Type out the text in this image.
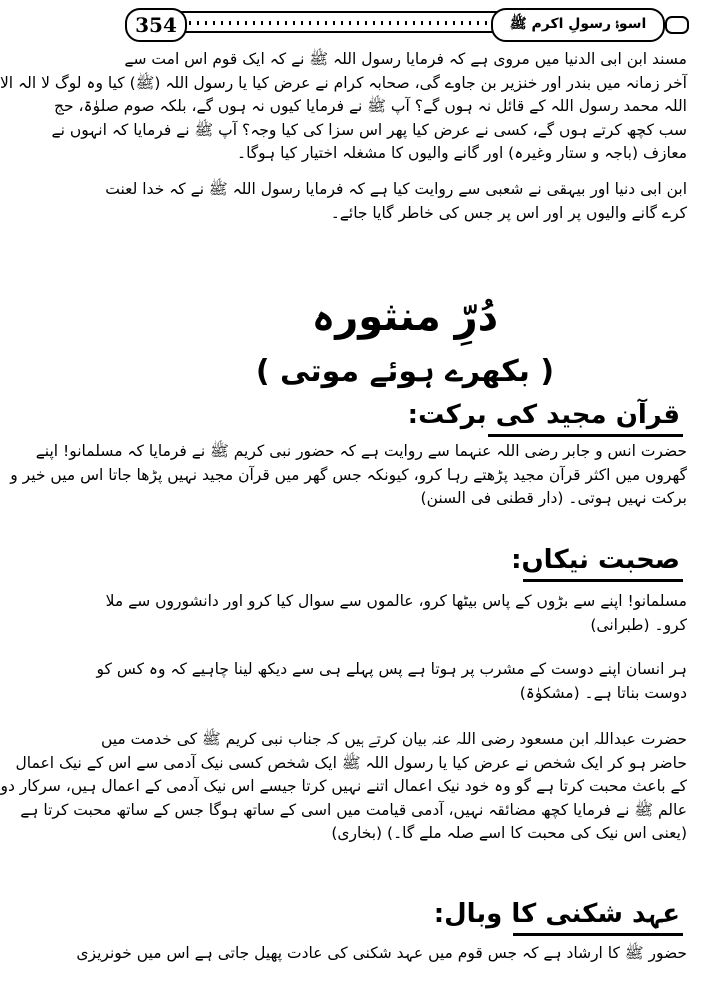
354	اسوۂ رسولِ اکرم ﷺ
مسند ابن ابی الدنیا میں مروی ہے کہ فرمایا رسول اللہ ﷺ نے کہ ایک قوم اس امت سے
آخر زمانہ میں بندر اور خنزیر بن جاوے گی، صحابہ کرام نے عرض کیا یا رسول اللہ (ﷺ) کیا وہ لوگ لا الہ الا
اللہ محمد رسول اللہ کے قائل نہ ہوں گے؟ آپ ﷺ نے فرمایا کیوں نہ ہوں گے، بلکہ صوم صلوٰۃ، حج
سب کچھ کرتے ہوں گے، کسی نے عرض کیا پھر اس سزا کی کیا وجہ؟ آپ ﷺ نے فرمایا کہ انہوں نے
معازف (باجہ و ستار وغیرہ) اور گانے والیوں کا مشغلہ اختیار کیا ہوگا۔
ابن ابی دنیا اور بیہقی نے شعبی سے روایت کیا ہے کہ فرمایا رسول اللہ ﷺ نے کہ خدا لعنت
کرے گانے والیوں پر اور اس پر جس کی خاطر گایا جائے۔
دُرِّ منثورہ
( بکھرے ہوئے موتی )
قرآن مجید کی برکت:
حضرت انس و جابر رضی اللہ عنہما سے روایت ہے کہ حضور نبی کریم ﷺ نے فرمایا کہ مسلمانو! اپنے
گھروں میں اکثر قرآن مجید پڑھتے رہا کرو، کیونکہ جس گھر میں قرآن مجید نہیں پڑھا جاتا اس میں خیر و
برکت نہیں ہوتی۔ (دار قطنی فی السنن)
صحبت نیکاں:
مسلمانو! اپنے سے بڑوں کے پاس بیٹھا کرو، عالموں سے سوال کیا کرو اور دانشوروں سے ملا
کرو۔ (طبرانی)
ہر انسان اپنے دوست کے مشرب پر ہوتا ہے پس پہلے ہی سے دیکھ لینا چاہیے کہ وہ کس کو
دوست بناتا ہے۔ (مشکوٰۃ)
حضرت عبداللہ ابن مسعود رضی اللہ عنہ بیان کرتے ہیں کہ جناب نبی کریم ﷺ کی خدمت میں
حاضر ہو کر ایک شخص نے عرض کیا یا رسول اللہ ﷺ ایک شخص کسی نیک آدمی سے اس کے نیک اعمال
کے باعث محبت کرتا ہے گو وہ خود نیک اعمال اتنے نہیں کرتا جیسے اس نیک آدمی کے اعمال ہیں، سرکار دو
عالم ﷺ نے فرمایا کچھ مضائقہ نہیں، آدمی قیامت میں اسی کے ساتھ ہوگا جس کے ساتھ محبت کرتا ہے
(یعنی اس نیک کی محبت کا اسے صلہ ملے گا۔) (بخاری)
عہد شکنی کا وبال:
حضور ﷺ کا ارشاد ہے کہ جس قوم میں عہد شکنی کی عادت پھیل جاتی ہے اس میں خونریزی
